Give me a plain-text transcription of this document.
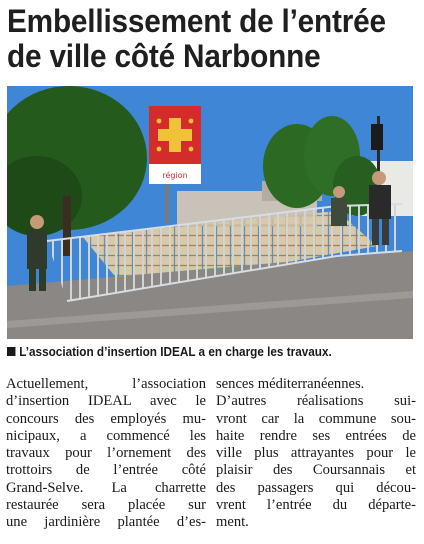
Embellissement de l’entrée
de ville côté Narbonne
région
L’association d’insertion IDEAL a en charge les travaux.
Actuellement, l’association
d’insertion IDEAL avec le
concours des employés mu-
nicipaux, a commencé les
travaux pour l’ornement des
trottoirs de l’entrée côté
Grand-Selve. La charrette
restaurée sera placée sur
une jardinière plantée d’es-
sences méditerranéennes.
D’autres réalisations sui-
vront car la commune sou-
haite rendre ses entrées de
ville plus attrayantes pour le
plaisir des Coursannais et
des passagers qui décou-
vrent l’entrée du départe-
ment.
